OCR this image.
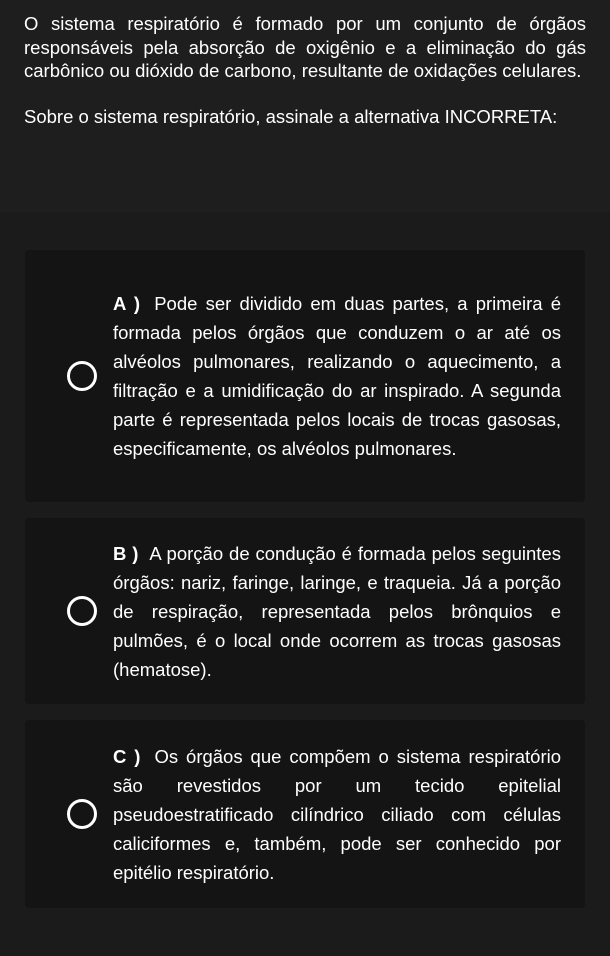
O sistema respiratório é formado por um conjunto de órgãos responsáveis pela absorção de oxigênio e a eliminação do gás carbônico ou dióxido de carbono, resultante de oxidações celulares.

Sobre o sistema respiratório, assinale a alternativa INCORRETA:

A ) Pode ser dividido em duas partes, a primeira é formada pelos órgãos que conduzem o ar até os alvéolos pulmonares, realizando o aquecimento, a filtração e a umidificação do ar inspirado. A segunda parte é representada pelos locais de trocas gasosas, especificamente, os alvéolos pulmonares.
B ) A porção de condução é formada pelos seguintes órgãos: nariz, faringe, laringe, e traqueia. Já a porção de respiração, representada pelos brônquios e pulmões, é o local onde ocorrem as trocas gasosas (hematose).
C ) Os órgãos que compõem o sistema respiratório são revestidos por um tecido epitelial pseudoestratificado cilíndrico ciliado com células caliciformes e, também, pode ser conhecido por epitélio respiratório.
